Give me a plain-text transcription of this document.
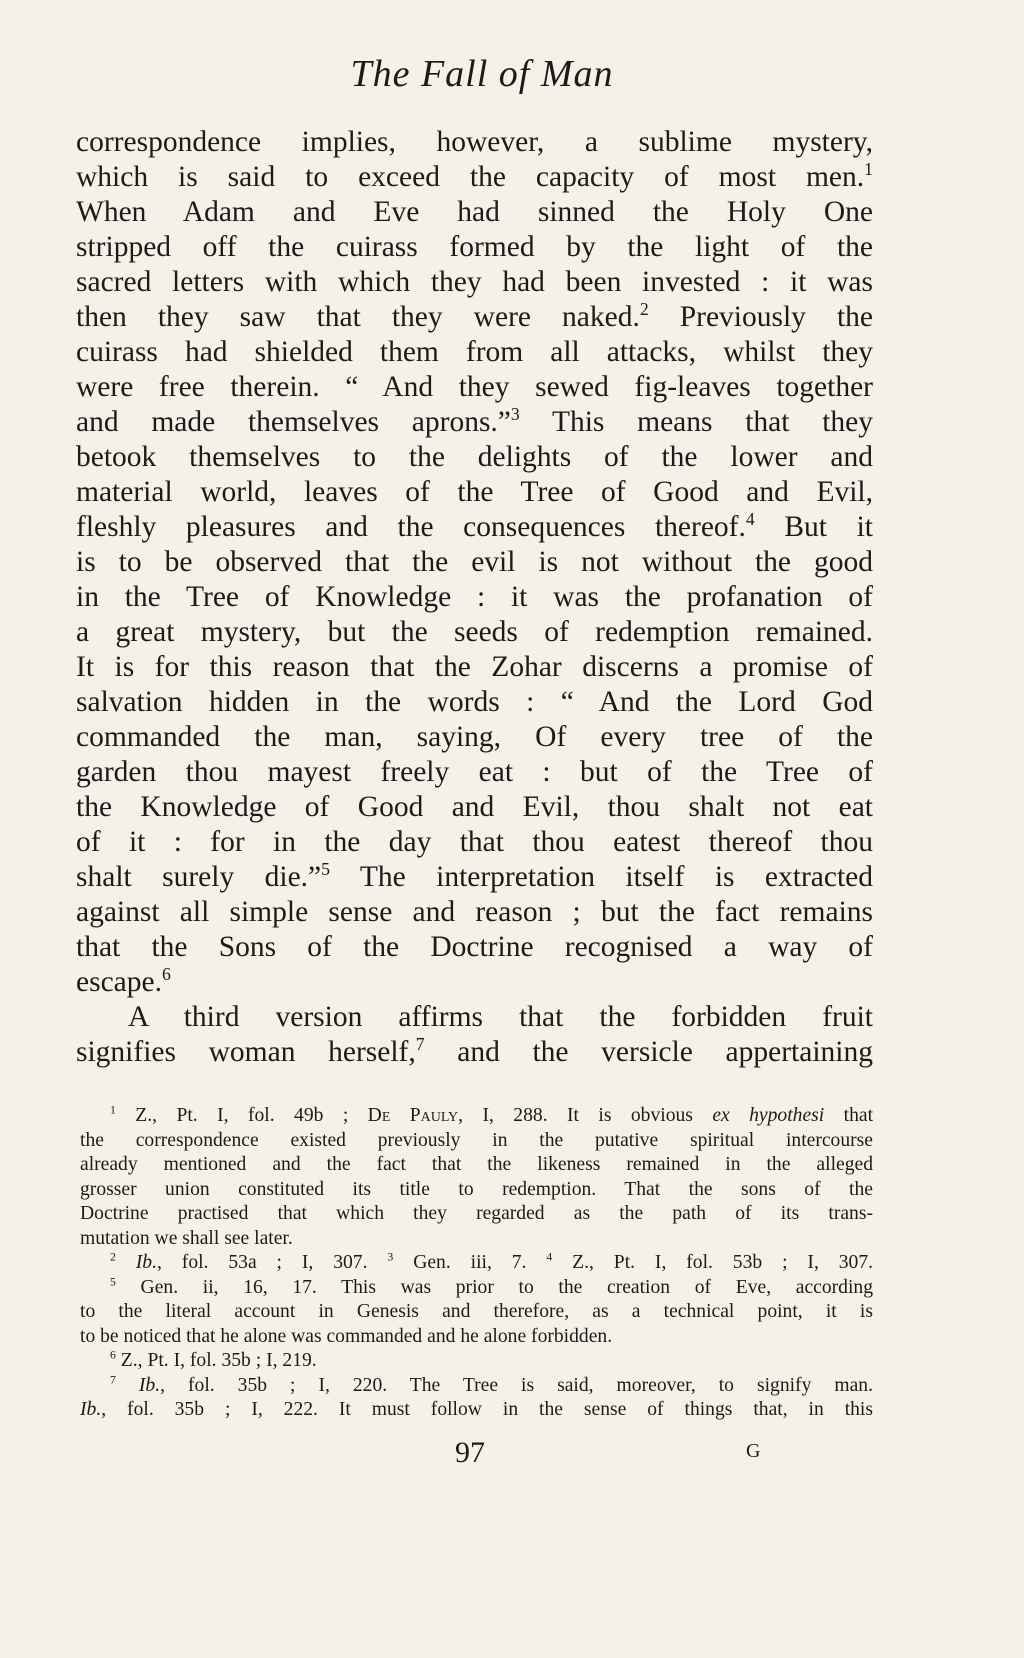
The Fall of Man
correspondence implies, however, a sublime mystery,
which is said to exceed the capacity of most men.$^1$
When Adam and Eve had sinned the Holy One
stripped off the cuirass formed by the light of the
sacred letters with which they had been invested : it was
then they saw that they were naked.$^2$ Previously the
cuirass had shielded them from all attacks, whilst they
were free therein. “ And they sewed fig-leaves together
and made themselves aprons.”$^3$ This means that they
betook themselves to the delights of the lower and
material world, leaves of the Tree of Good and Evil,
fleshly pleasures and the consequences thereof.$^4$ But it
is to be observed that the evil is not without the good
in the Tree of Knowledge : it was the profanation of
a great mystery, but the seeds of redemption remained.
It is for this reason that the Zohar discerns a promise of
salvation hidden in the words : “ And the Lord God
commanded the man, saying, Of every tree of the
garden thou mayest freely eat : but of the Tree of
the Knowledge of Good and Evil, thou shalt not eat
of it : for in the day that thou eatest thereof thou
shalt surely die.”$^5$ The interpretation itself is extracted
against all simple sense and reason ; but the fact remains
that the Sons of the Doctrine recognised a way of
escape.$^6$
A third version affirms that the forbidden fruit
signifies woman herself,$^7$ and the versicle appertaining
$^1$ Z., Pt. I, fol. 49b ; De Pauly, I, 288. It is obvious ex hypothesi that
the correspondence existed previously in the putative spiritual intercourse
already mentioned and the fact that the likeness remained in the alleged
grosser union constituted its title to redemption. That the sons of the
Doctrine practised that which they regarded as the path of its trans-
mutation we shall see later.
$^2$ Ib., fol. 53a ; I, 307. $^3$ Gen. iii, 7. $^4$ Z., Pt. I, fol. 53b ; I, 307.
$^5$ Gen. ii, 16, 17. This was prior to the creation of Eve, according
to the literal account in Genesis and therefore, as a technical point, it is
to be noticed that he alone was commanded and he alone forbidden.
$^6$ Z., Pt. I, fol. 35b ; I, 219.
$^7$ Ib., fol. 35b ; I, 220. The Tree is said, moreover, to signify man.
Ib., fol. 35b ; I, 222. It must follow in the sense of things that, in this
97	G
